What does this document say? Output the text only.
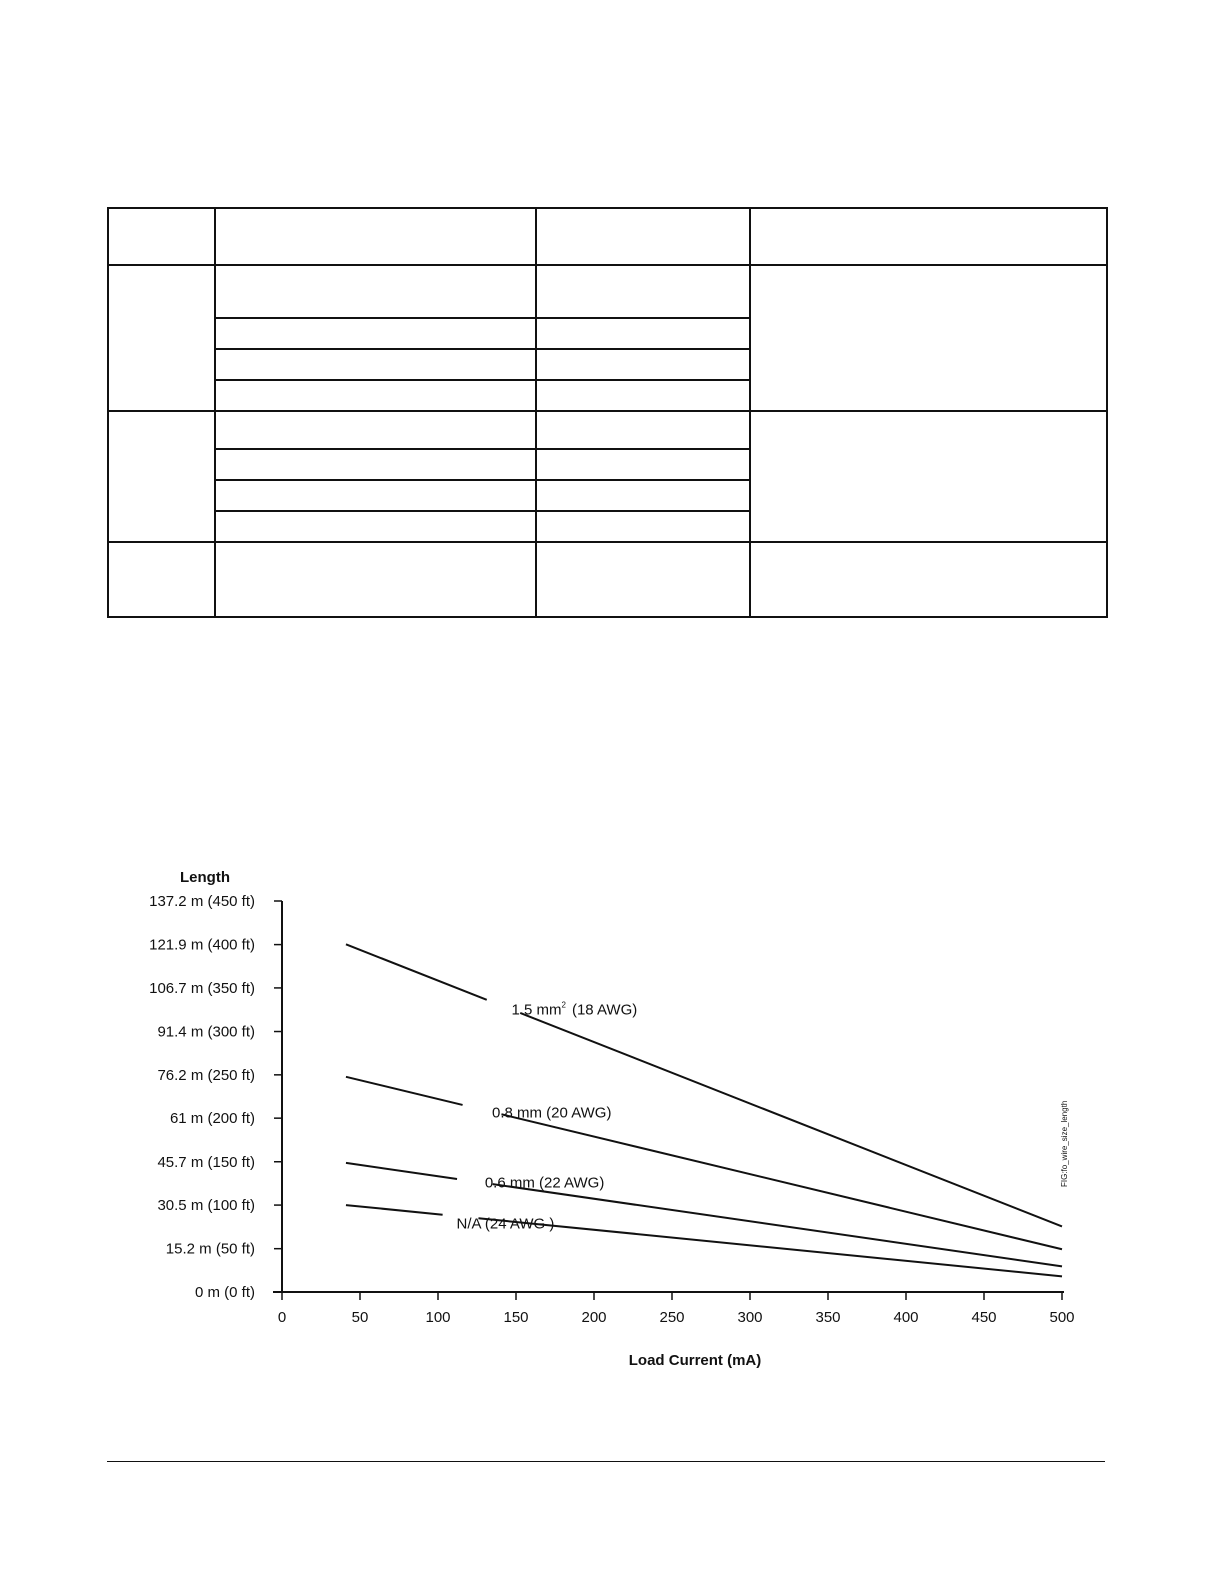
Length
0 m (0 ft)
15.2 m (50 ft)
30.5 m (100 ft)
45.7 m (150 ft)
61 m (200 ft)
76.2 m (250 ft)
91.4 m (300 ft)
106.7 m (350 ft)
121.9 m (400 ft)
137.2 m (450 ft)
0	50	100	150	200	250	300	350	400	450	500
1.5 $mm^2$ (18 AWG)
0.8 mm (20 AWG)
0.6 mm (22 AWG)
N/A (24 AWG )
Load Current (mA)
FIG:fo_wire_size_length
